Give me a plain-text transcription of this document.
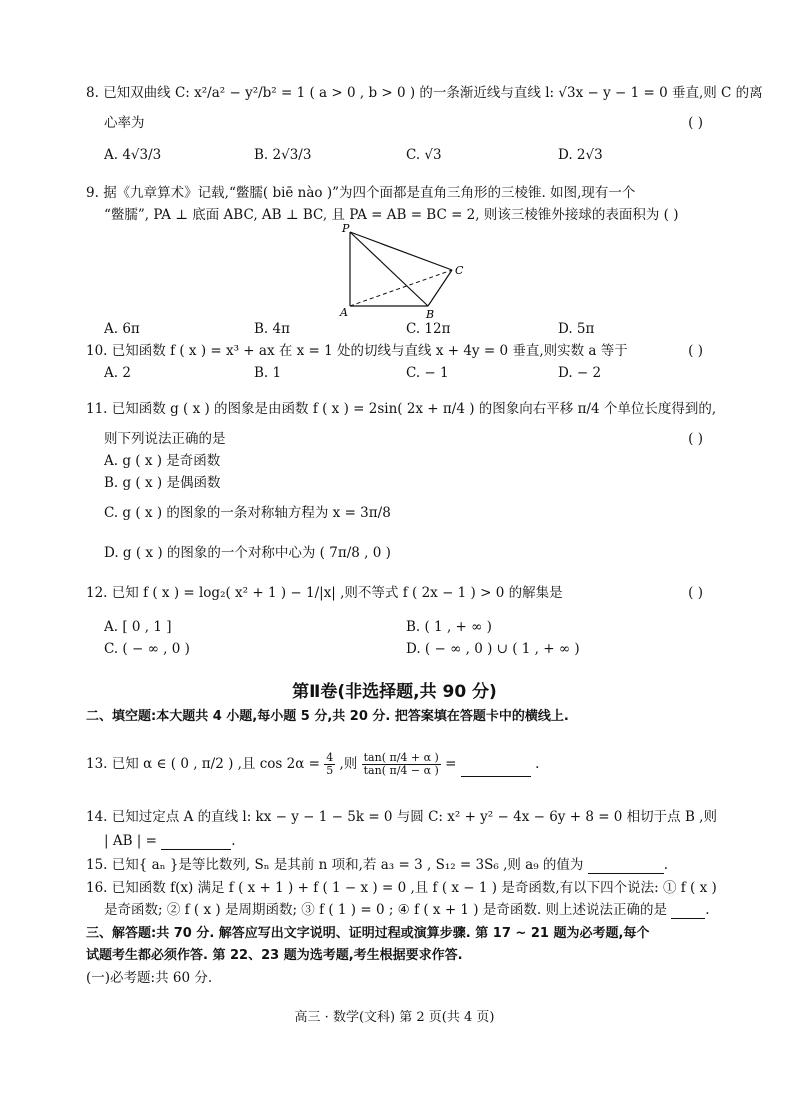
8. 已知双曲线 C: x²/a² − y²/b² = 1 ( a > 0 , b > 0 ) 的一条渐近线与直线 l: √3x − y − 1 = 0 垂直,则 C 的离
心率为	( )
A. 4√3/3	B. 2√3/3	C. √3	D. 2√3
9. 据《九章算术》记载,“鳖臑( biē nào )”为四个面都是直角三角形的三棱锥. 如图,现有一个
“鳖臑”, PA ⊥ 底面 ABC, AB ⊥ BC, 且 PA = AB = BC = 2, 则该三棱锥外接球的表面积为 ( )
P
A	B
C
A. 6π	B. 4π	C. 12π	D. 5π
10. 已知函数 f ( x ) = x³ + ax 在 x = 1 处的切线与直线 x + 4y = 0 垂直,则实数 a 等于	( )
A. 2	B. 1	C. − 1	D. − 2
11. 已知函数 g ( x ) 的图象是由函数 f ( x ) = 2sin( 2x + π/4 ) 的图象向右平移 π/4 个单位长度得到的,
则下列说法正确的是	( )
A. g ( x ) 是奇函数
B. g ( x ) 是偶函数
C. g ( x ) 的图象的一条对称轴方程为 x = 3π/8
D. g ( x ) 的图象的一个对称中心为 ( 7π/8 , 0 )
12. 已知 f ( x ) = log₂( x² + 1 ) − 1/|x| ,则不等式 f ( 2x − 1 ) > 0 的解集是	( )
A. [ 0 , 1 ]	B. ( 1 , + ∞ )
C. ( − ∞ , 0 )	D. ( − ∞ , 0 ) ∪ ( 1 , + ∞ )
第Ⅱ卷(非选择题,共 90 分)
二、填空题:本大题共 4 小题,每小题 5 分,共 20 分. 把答案填在答题卡中的横线上.
13. 已知 α ∈ ( 0 , π/2 ) ,且 $\cos 2\alpha = \frac{4}{5}$ ,则 $\frac{\tan( \pi/4 + \alpha )}{\tan( \pi/4 - \alpha )}$ =	.
14. 已知过定点 A 的直线 l: kx − y − 1 − 5k = 0 与圆 C: x² + y² − 4x − 6y + 8 = 0 相切于点 B ,则
| AB | =	.
15. 已知{ aₙ }是等比数列, Sₙ 是其前 n 项和,若 a₃ = 3 , S₁₂ = 3S₆ ,则 a₉ 的值为	.
16. 已知函数 f(x) 满足 f ( x + 1 ) + f ( 1 − x ) = 0 ,且 f ( x − 1 ) 是奇函数,有以下四个说法: ① f ( x )
是奇函数; ② f ( x ) 是周期函数; ③ f ( 1 ) = 0 ; ④ f ( x + 1 ) 是奇函数. 则上述说法正确的是	.
三、解答题:共 70 分. 解答应写出文字说明、证明过程或演算步骤. 第 17 ~ 21 题为必考题,每个
试题考生都必须作答. 第 22、23 题为选考题,考生根据要求作答.
(一)必考题:共 60 分.
高三 · 数学(文科) 第 2 页(共 4 页)
